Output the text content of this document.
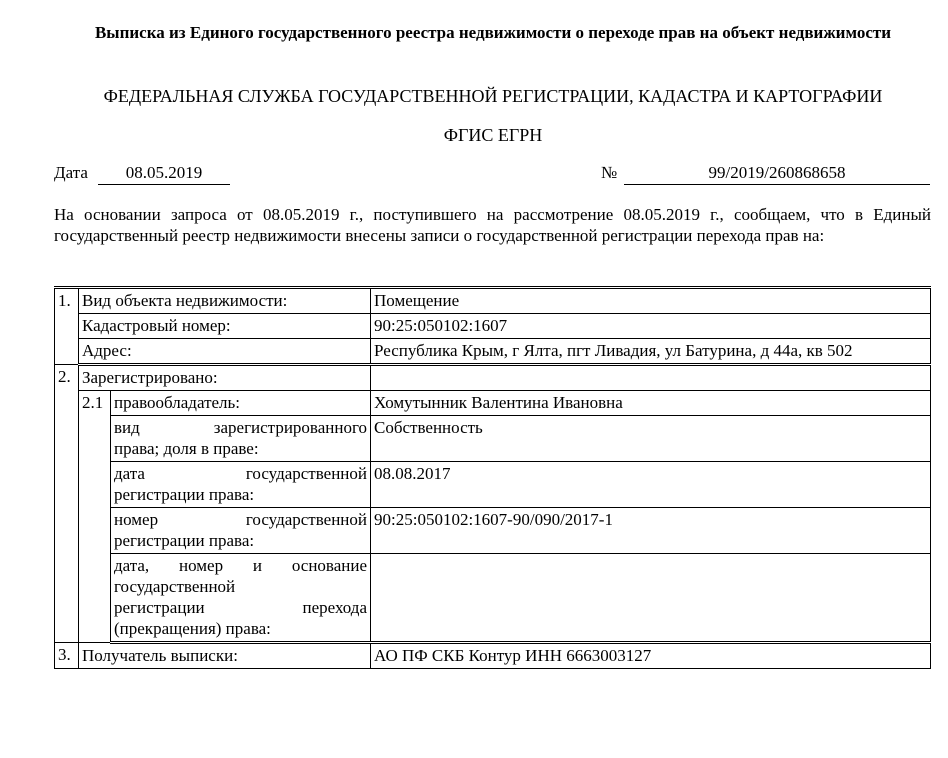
Выписка из Единого государственного реестра недвижимости о переходе прав на объект недвижимости
ФЕДЕРАЛЬНАЯ СЛУЖБА ГОСУДАРСТВЕННОЙ РЕГИСТРАЦИИ, КАДАСТРА И КАРТОГРАФИИ
ФГИС ЕГРН
Дата	08.05.2019	№	99/2019/260868658
На основании запроса от 08.05.2019 г., поступившего на рассмотрение 08.05.2019 г., сообщаем, что в Единый государственный реестр недвижимости внесены записи о государственной регистрации перехода прав на:
1.	Вид объекта недвижимости:		Помещение
	Кадастровый номер:		90:25:050102:1607
	Адрес:		Республика Крым, г Ялта, пгт Ливадия, ул Батурина, д 44а, кв 502
2.	Зарегистрировано:		
	2.1	правообладатель:	Хомутынник Валентина Ивановна

		вид зарегистрированного
права; доля в праве:	Собственность

		дата государственной
регистрации права:	08.08.2017

		номер государственной
регистрации права:	90:25:050102:1607-90/090/2017-1

		дата, номер и основание
государственной
регистрации перехода
(прекращения) права:	

3.	Получатель выписки:		АО ПФ СКБ Контур ИНН 6663003127
